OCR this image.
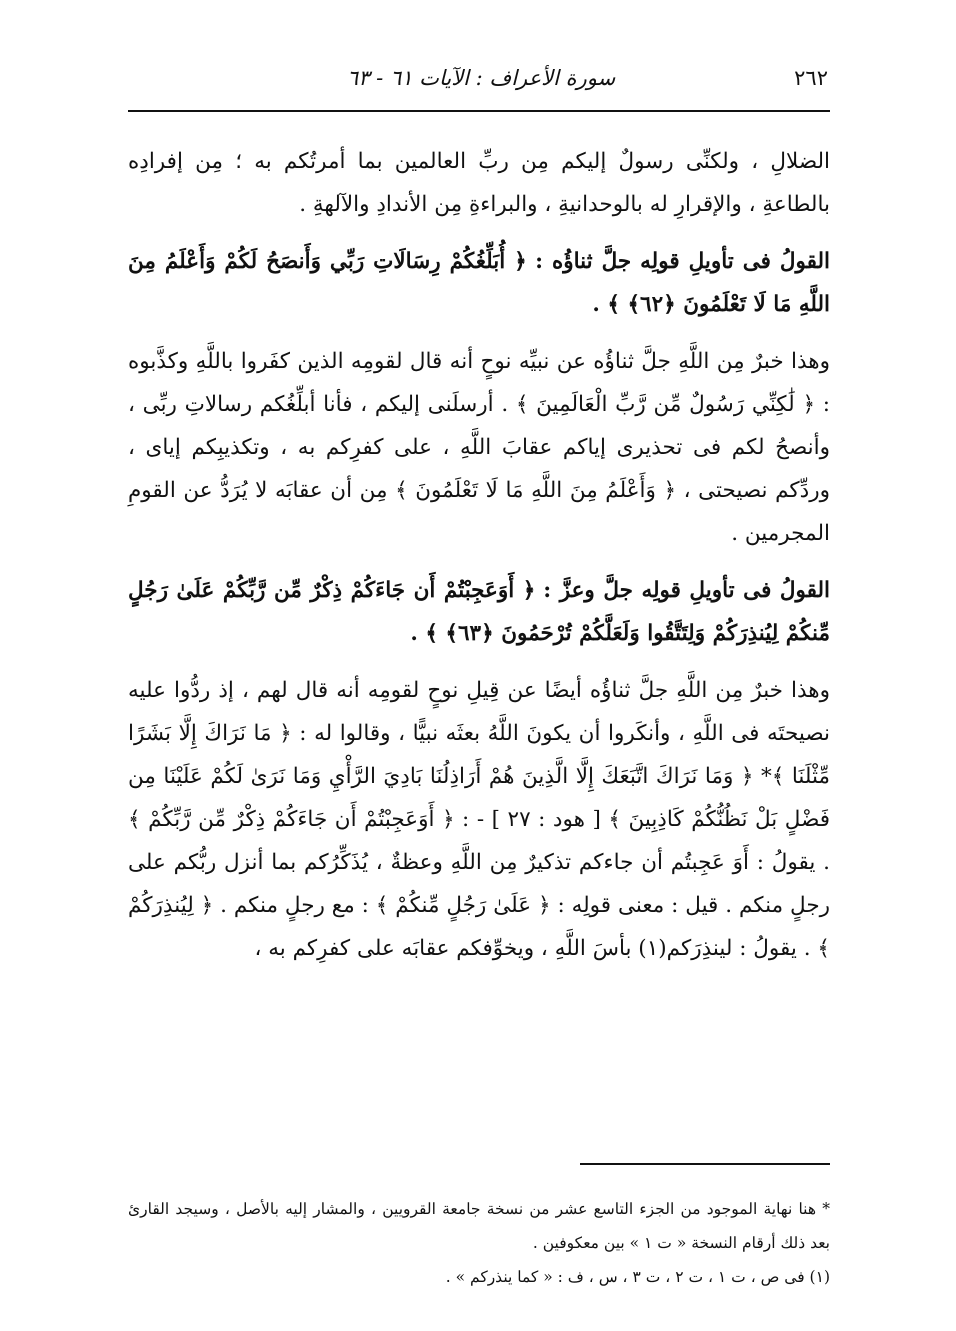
٢٦٢
سورة الأعراف : الآيات ٦١ - ٦٣

الضلالِ ، ولكنِّى رسولٌ إليكم مِن ربِّ العالمين بما أمرتُكم به ؛ مِن إفرادِه بالطاعةِ ، والإقرارِ له بالوحدانيةِ ، والبراءةِ مِن الأندادِ والآلهةِ .

القولُ فى تأويلِ قولِه جلَّ ثناؤُه : ﴿ أُبَلِّغُكُمْ رِسَالَاتِ رَبِّي وَأَنصَحُ لَكُمْ وَأَعْلَمُ مِنَ اللَّهِ مَا لَا تَعْلَمُونَ ﴿٦٢﴾ ﴾ .

وهذا خبرٌ مِن اللَّهِ جلَّ ثناؤُه عن نبيِّه نوحٍ أنه قال لقومِه الذين كفَروا باللَّهِ وكذَّبوه : ﴿ لَٰكِنِّي رَسُولٌ مِّن رَّبِّ الْعَالَمِينَ ﴾ . أرسلَنى إليكم ، فأنا أبلِّغُكم رسالاتِ ربِّى ، وأنصحُ لكم فى تحذيرى إياكم عقابَ اللَّهِ ، على كفرِكم به ، وتكذيبِكم إياى ، وردِّكم نصيحتى ، ﴿ وَأَعْلَمُ مِنَ اللَّهِ مَا لَا تَعْلَمُونَ ﴾ مِن أن عقابَه لا يُرَدُّ عن القومِ المجرمين .

القولُ فى تأويلِ قولِه جلَّ وعزَّ : ﴿ أَوَعَجِبْتُمْ أَن جَاءَكُمْ ذِكْرٌ مِّن رَّبِّكُمْ عَلَىٰ رَجُلٍ مِّنكُمْ لِيُنذِرَكُمْ وَلِتَتَّقُوا وَلَعَلَّكُمْ تُرْحَمُونَ ﴿٦٣﴾ ﴾ .

وهذا خبرٌ مِن اللَّهِ جلَّ ثناؤُه أيضًا عن قِيلِ نوحٍ لقومِه أنه قال لهم ، إذ ردُّوا عليه نصيحتَه فى اللَّهِ ، وأنكَروا أن يكونَ اللَّهُ بعثَه نبيًّا ، وقالوا له : ﴿ مَا نَرَاكَ إِلَّا بَشَرًا مِّثْلَنَا ﴾* ﴿ وَمَا نَرَاكَ اتَّبَعَكَ إِلَّا الَّذِينَ هُمْ أَرَاذِلُنَا بَادِيَ الرَّأْيِ وَمَا نَرَىٰ لَكُمْ عَلَيْنَا مِن فَضْلٍ بَلْ نَظُنُّكُمْ كَاذِبِينَ ﴾ [ هود : ٢٧ ] - : ﴿ أَوَعَجِبْتُمْ أَن جَاءَكُمْ ذِكْرٌ مِّن رَّبِّكُمْ ﴾ . يقولُ : أَوَ عَجِبتُم أن جاءكم تذكيرٌ مِن اللَّهِ وعظةٌ ، يُذَكِّرُكم بما أنزل ربُّكم على رجلٍ منكم . قيل : معنى قولِه : ﴿ عَلَىٰ رَجُلٍ مِّنكُمْ ﴾ : مع رجلٍ منكم . ﴿ لِيُنذِرَكُمْ ﴾ . يقولُ : لينذِرَكم(١) بأسَ اللَّهِ ، ويخوِّفكم عقابَه على كفرِكم به ،

* هنا نهاية الموجود من الجزء التاسع عشر من نسخة جامعة القرويين ، والمشار إليه بالأصل ، وسيجد القارئ بعد ذلك أرقام النسخة « ت ١ » بين معكوفين .

(١) فى ص ، ت ١ ، ت ٢ ، ت ٣ ، س ، ف : « كما ينذركم » .
